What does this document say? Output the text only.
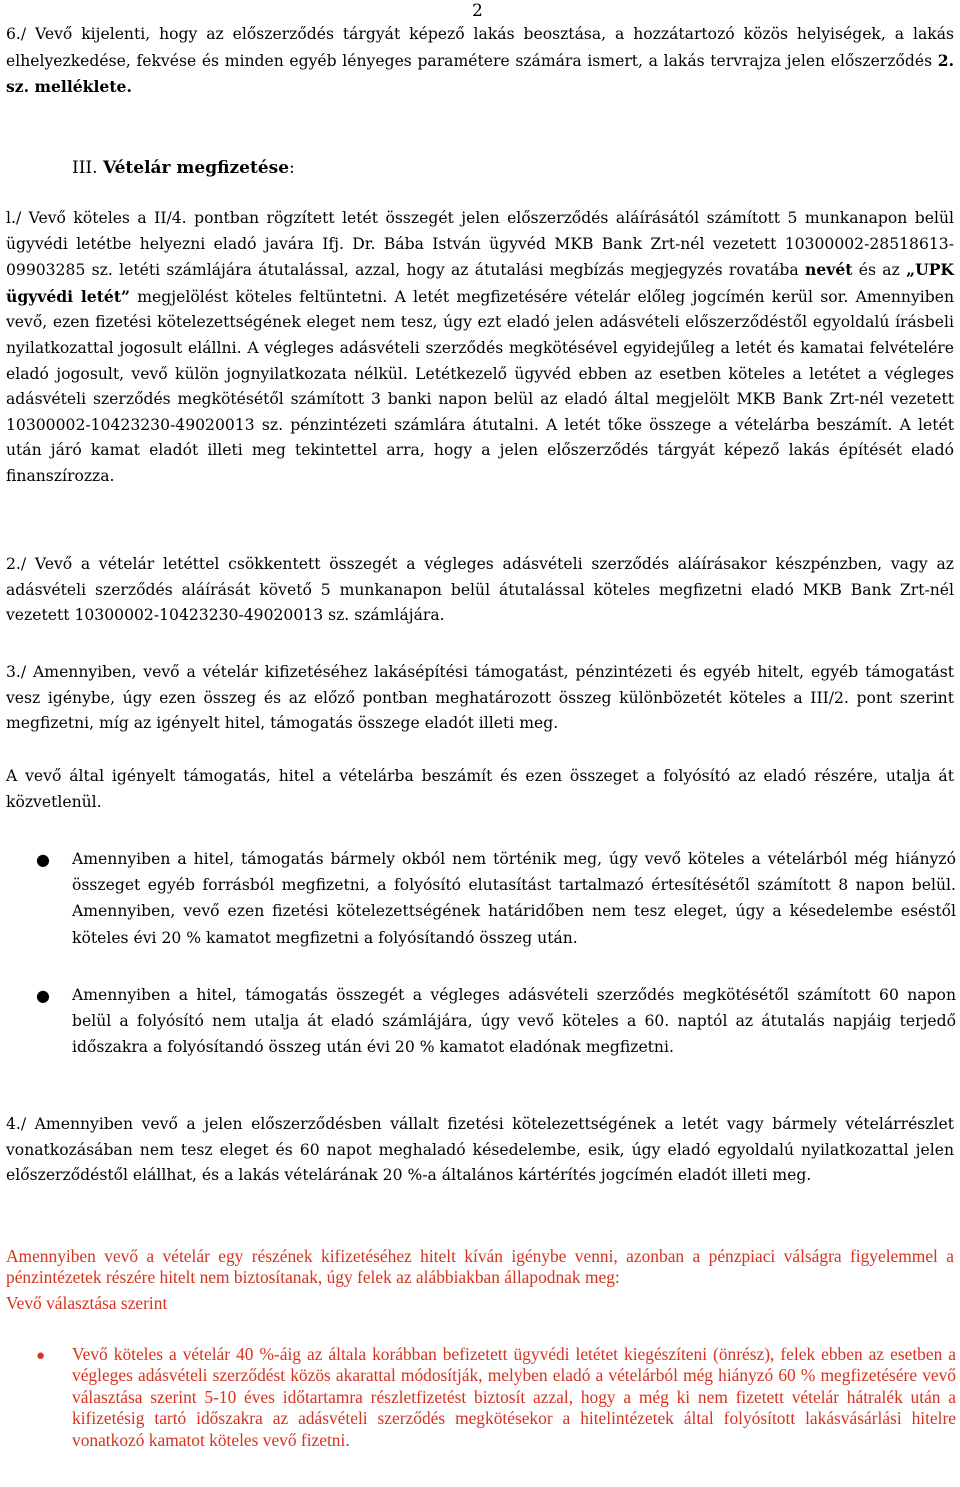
2

6./ Vevő kijelenti, hogy az előszerződés tárgyát képező lakás beosztása, a hozzátartozó közös helyiségek, a lakás elhelyezkedése, fekvése és minden egyéb lényeges paramétere számára ismert, a lakás tervrajza jelen előszerződés 2. sz. melléklete.

III. Vételár megfizetése:

l./ Vevő köteles a II/4. pontban rögzített letét összegét jelen előszerződés aláírásától számított 5 munkanapon belül ügyvédi letétbe helyezni eladó javára Ifj. Dr. Bába István ügyvéd MKB Bank Zrt-nél vezetett 10300002-28518613-09903285 sz. letéti számlájára átutalással, azzal, hogy az átutalási megbízás megjegyzés rovatába nevét és az „UPK ügyvédi letét” megjelölést köteles feltüntetni. A letét megfizetésére vételár előleg jogcímén kerül sor. Amennyiben vevő, ezen fizetési kötelezettségének eleget nem tesz, úgy ezt eladó jelen adásvételi előszerződéstől egyoldalú írásbeli nyilatkozattal jogosult elállni. A végleges adásvételi szerződés megkötésével egyidejűleg a letét és kamatai felvételére eladó jogosult, vevő külön jognyilatkozata nélkül. Letétkezelő ügyvéd ebben az esetben köteles a letétet a végleges adásvételi szerződés megkötésétől számított 3 banki napon belül az eladó által megjelölt MKB Bank Zrt-nél vezetett 10300002-10423230-49020013 sz. pénzintézeti számlára átutalni. A letét tőke összege a vételárba beszámít. A letét után járó kamat eladót illeti meg tekintettel arra, hogy a jelen előszerződés tárgyát képező lakás építését eladó finanszírozza.

2./ Vevő a vételár letéttel csökkentett összegét a végleges adásvételi szerződés aláírásakor készpénzben, vagy az adásvételi szerződés aláírását követő 5 munkanapon belül átutalással köteles megfizetni eladó MKB Bank Zrt-nél vezetett 10300002-10423230-49020013 sz. számlájára.

3./ Amennyiben, vevő a vételár kifizetéséhez lakásépítési támogatást, pénzintézeti és egyéb hitelt, egyéb támogatást vesz igénybe, úgy ezen összeg és az előző pontban meghatározott összeg különbözetét köteles a III/2. pont szerint megfizetni, míg az igényelt hitel, támogatás összege eladót illeti meg.

A vevő által igényelt támogatás, hitel a vételárba beszámít és ezen összeget a folyósító az eladó részére, utalja át közvetlenül.

● Amennyiben a hitel, támogatás bármely okból nem történik meg, úgy vevő köteles a vételárból még hiányzó összeget egyéb forrásból megfizetni, a folyósító elutasítást tartalmazó értesítésétől számított 8 napon belül. Amennyiben, vevő ezen fizetési kötelezettségének határidőben nem tesz eleget, úgy a késedelembe eséstől köteles évi 20 % kamatot megfizetni a folyósítandó összeg után.

● Amennyiben a hitel, támogatás összegét a végleges adásvételi szerződés megkötésétől számított 60 napon belül a folyósító nem utalja át eladó számlájára, úgy vevő köteles a 60. naptól az átutalás napjáig terjedő időszakra a folyósítandó összeg után évi 20 % kamatot eladónak megfizetni.

4./ Amennyiben vevő a jelen előszerződésben vállalt fizetési kötelezettségének a letét vagy bármely vételárrészlet vonatkozásában nem tesz eleget és 60 napot meghaladó késedelembe, esik, úgy eladó egyoldalú nyilatkozattal jelen előszerződéstől elállhat, és a lakás vételárának 20 %-a általános kártérítés jogcímén eladót illeti meg.

Amennyiben vevő a vételár egy részének kifizetéséhez hitelt kíván igénybe venni, azonban a pénzpiaci válságra figyelemmel a pénzintézetek részére hitelt nem biztosítanak, úgy felek az alábbiakban állapodnak meg:

Vevő választása szerint

● Vevő köteles a vételár 40 %-áig az általa korábban befizetett ügyvédi letétet kiegészíteni (önrész), felek ebben az esetben a végleges adásvételi szerződést közös akarattal módosítják, melyben eladó a vételárból még hiányzó 60 % megfizetésére vevő választása szerint 5-10 éves időtartamra részletfizetést biztosít azzal, hogy a még ki nem fizetett vételár hátralék után a kifizetésig tartó időszakra az adásvételi szerződés megkötésekor a hitelintézetek által folyósított lakásvásárlási hitelre vonatkozó kamatot köteles vevő fizetni.
